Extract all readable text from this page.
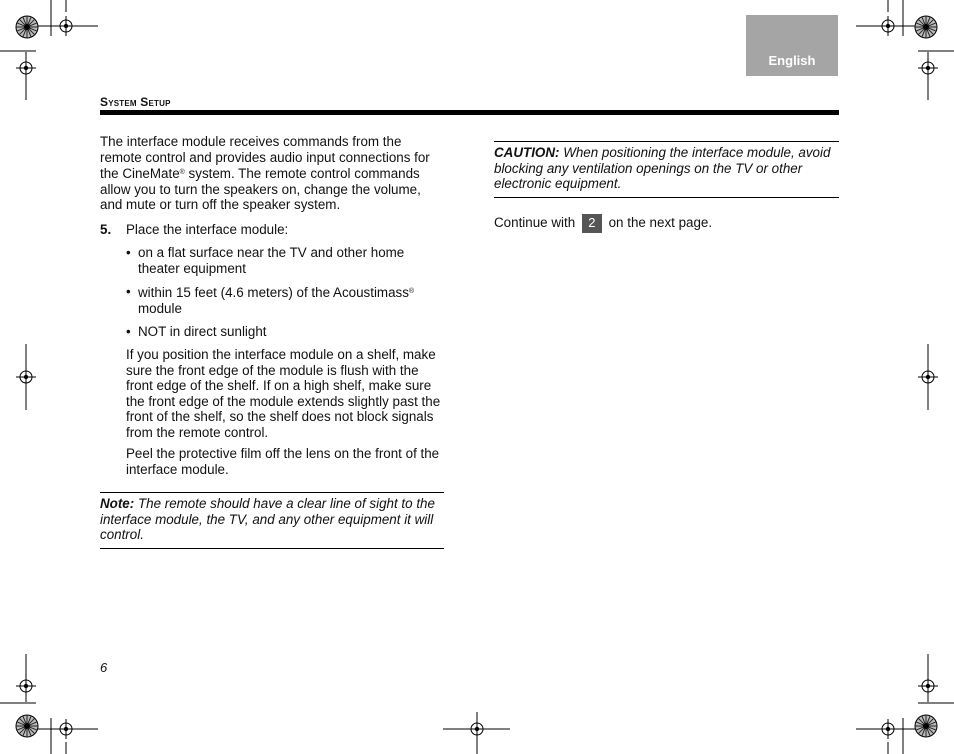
English
System Setup

The interface module receives commands from the remote control and provides audio input connections for the CineMate® system. The remote control commands allow you to turn the speakers on, change the volume, and mute or turn off the speaker system.

5. Place the interface module:
• on a flat surface near the TV and other home theater equipment
• within 15 feet (4.6 meters) of the Acoustimass®
module
• NOT in direct sunlight
If you position the interface module on a shelf, make sure the front edge of the module is flush with the front edge of the shelf. If on a high shelf, make sure the front edge of the module extends slightly past the front of the shelf, so the shelf does not block signals from the remote control.
Peel the protective film off the lens on the front of the interface module.
Note: The remote should have a clear line of sight to the interface module, the TV, and any other equipment it will control.
CAUTION: When positioning the interface module, avoid blocking any ventilation openings on the TV or other electronic equipment.
Continue with 2 on the next page.
6
